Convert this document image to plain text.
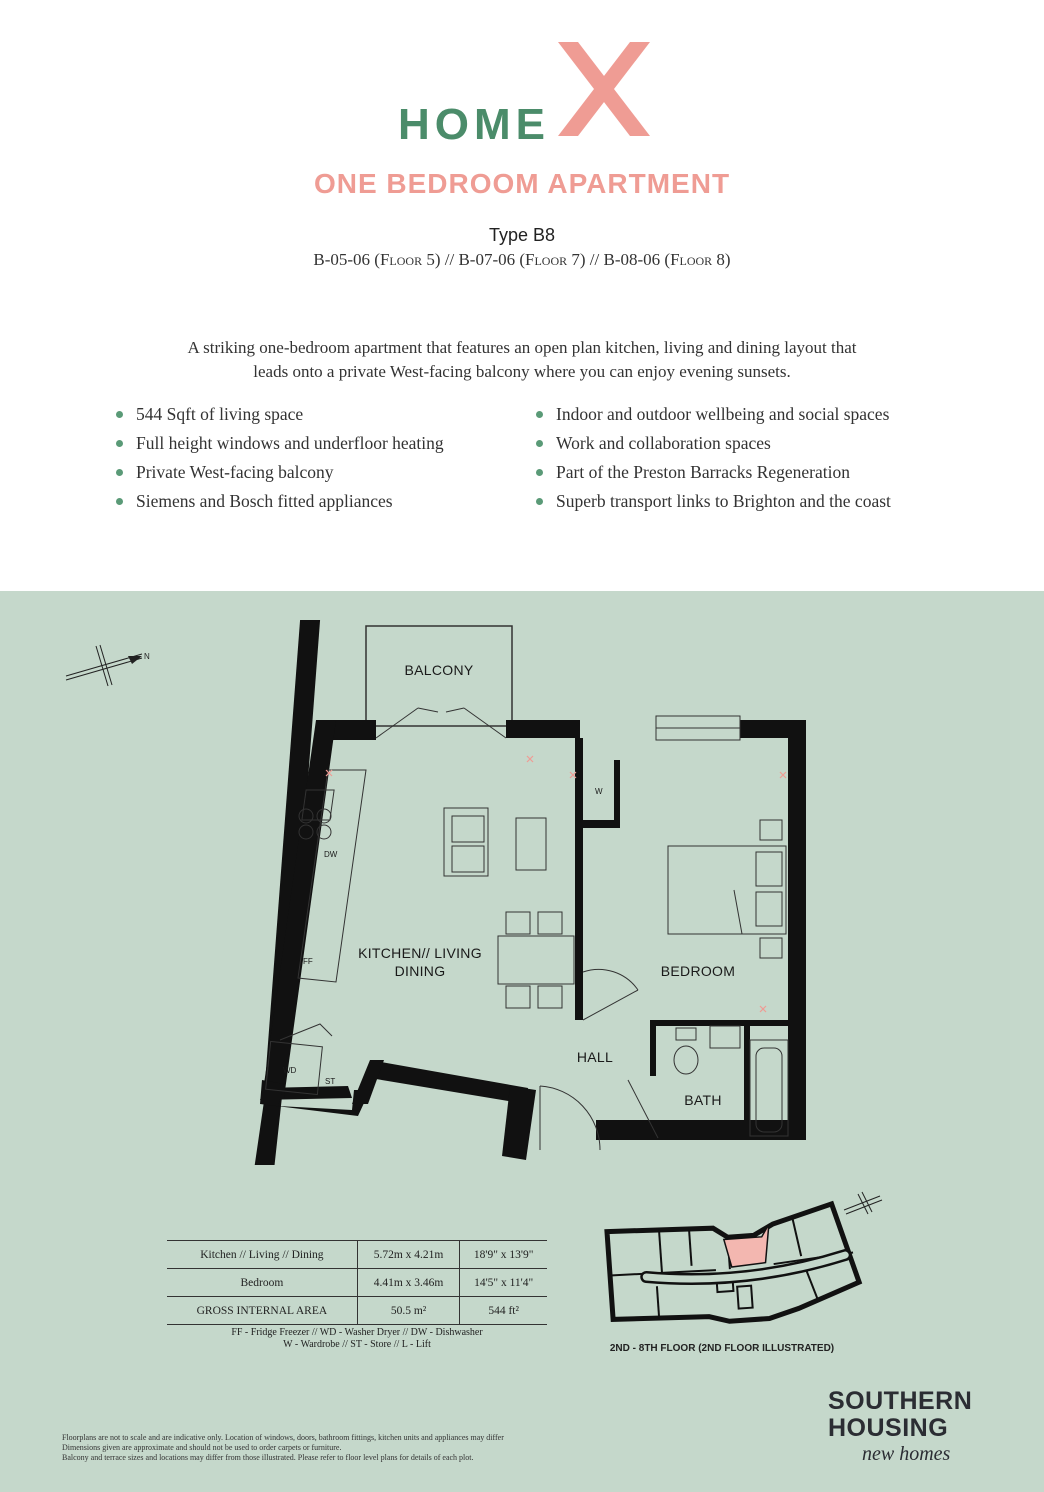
HOME
ONE BEDROOM APARTMENT
Type B8
B-05-06 (Floor 5) // B-07-06 (Floor 7) // B-08-06 (Floor 8)
A striking one-bedroom apartment that features an open plan kitchen, living and dining layout that
leads onto a private West-facing balcony where you can enjoy evening sunsets.
544 Sqft of living space
Full height windows and underfloor heating
Private West-facing balcony
Siemens and Bosch fitted appliances
Indoor and outdoor wellbeing and social spaces
Work and collaboration spaces
Part of the Preston Barracks Regeneration
Superb transport links to Brighton and the coast
N
BALCONY
KITCHEN// LIVING
DINING	BEDROOM
HALL
BATH
W
DW
FF
WD
ST
Kitchen // Living // Dining	5.72m x 4.21m	18'9" x 13'9"
Bedroom	4.41m x 3.46m	14'5" x 11'4"
GROSS INTERNAL AREA	50.5 m²	544 ft²
FF - Fridge Freezer // WD - Washer Dryer // DW - Dishwasher
W - Wardrobe // ST - Store // L - Lift	2ND - 8TH FLOOR (2ND FLOOR ILLUSTRATED)
SOUTHERN
HOUSING
new homes
Floorplans are not to scale and are indicative only. Location of windows, doors, bathroom fittings, kitchen units and appliances may differ
Dimensions given are approximate and should not be used to order carpets or furniture.
Balcony and terrace sizes and locations may differ from those illustrated. Please refer to floor level plans for details of each plot.
